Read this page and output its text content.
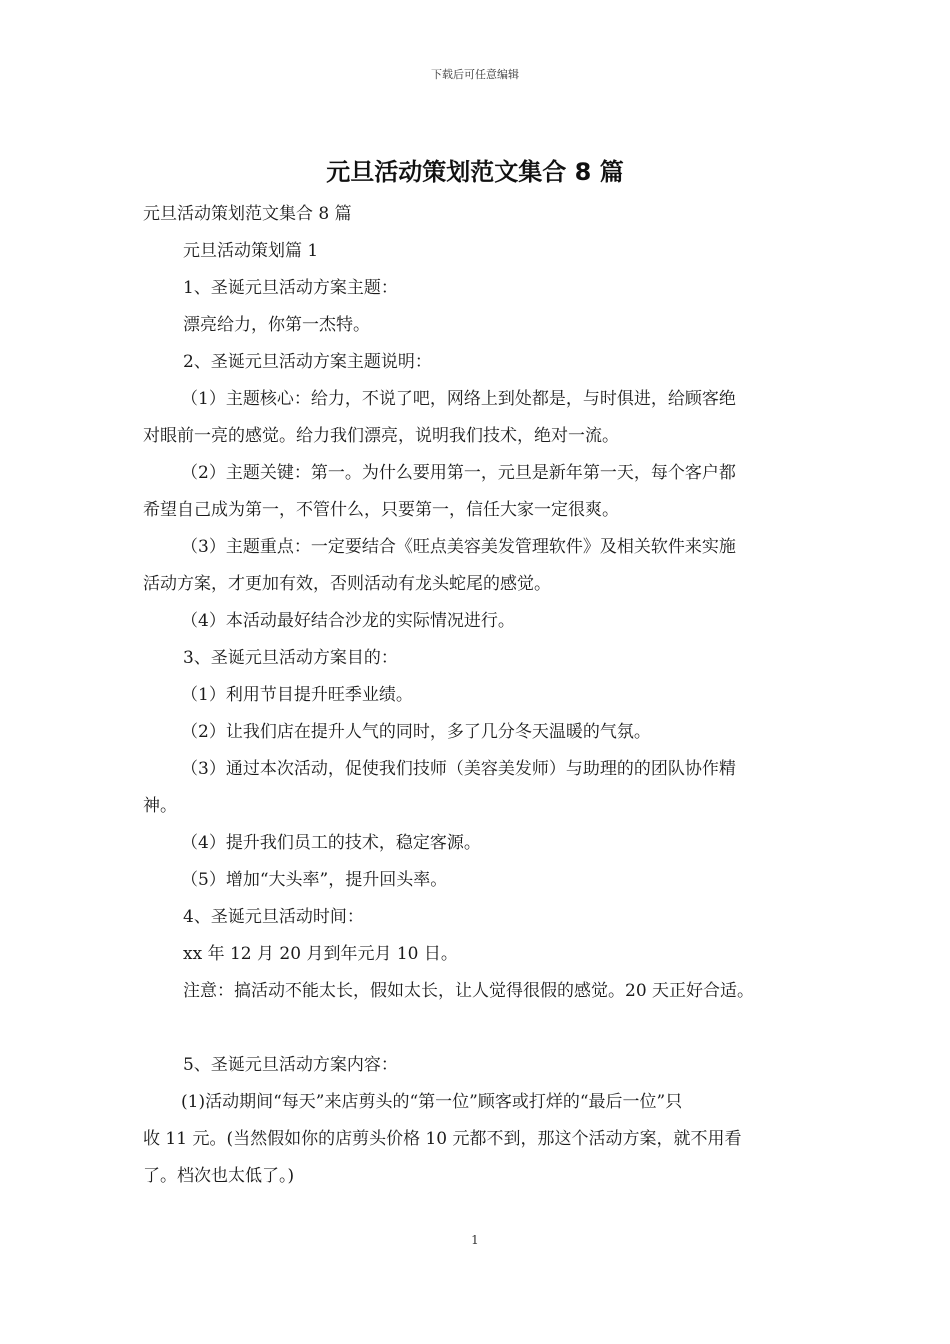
下载后可任意编辑
元旦活动策划范文集合 8 篇

元旦活动策划范文集合 8 篇

元旦活动策划篇 1

1、圣诞元旦活动方案主题：

漂亮给力，你第一杰特。

2、圣诞元旦活动方案主题说明：

（1）主题核心：给力，不说了吧，网络上到处都是，与时俱进，给顾客绝

对眼前一亮的感觉。给力我们漂亮，说明我们技术，绝对一流。

（2）主题关键：第一。为什么要用第一，元旦是新年第一天，每个客户都

希望自己成为第一，不管什么，只要第一，信任大家一定很爽。

（3）主题重点：一定要结合《旺点美容美发管理软件》及相关软件来实施

活动方案，才更加有效，否则活动有龙头蛇尾的感觉。

（4）本活动最好结合沙龙的实际情况进行。

3、圣诞元旦活动方案目的：

（1）利用节目提升旺季业绩。

（2）让我们店在提升人气的同时，多了几分冬天温暖的气氛。

（3）通过本次活动，促使我们技师（美容美发师）与助理的的团队协作精

神。

（4）提升我们员工的技术，稳定客源。

（5）增加“大头率”，提升回头率。

4、圣诞元旦活动时间：

xx 年 12 月 20 月到年元月 10 日。

注意：搞活动不能太长，假如太长，让人觉得很假的感觉。20 天正好合适。

5、圣诞元旦活动方案内容：

(1)活动期间“每天”来店剪头的“第一位”顾客或打烊的“最后一位”只

收 11 元。(当然假如你的店剪头价格 10 元都不到，那这个活动方案，就不用看

了。档次也太低了。)

1
